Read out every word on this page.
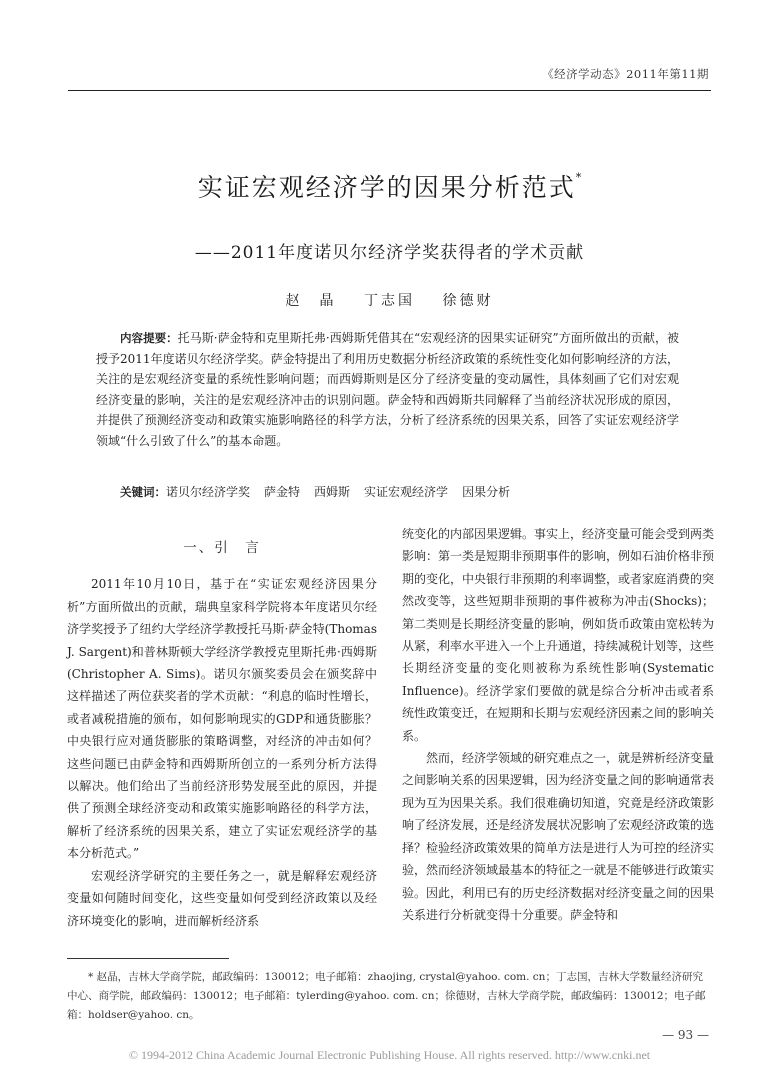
《经济学动态》2011年第11期
实证宏观经济学的因果分析范式*
——2011年度诺贝尔经济学奖获得者的学术贡献
赵　晶 丁志国 徐德财
内容提要：托马斯·萨金特和克里斯托弗·西姆斯凭借其在“宏观经济的因果实证研究”方面所做出的贡献，被授予2011年度诺贝尔经济学奖。萨金特提出了利用历史数据分析经济政策的系统性变化如何影响经济的方法，关注的是宏观经济变量的系统性影响问题；而西姆斯则是区分了经济变量的变动属性，具体刻画了它们对宏观经济变量的影响，关注的是宏观经济冲击的识别问题。萨金特和西姆斯共同解释了当前经济状况形成的原因，并提供了预测经济变动和政策实施影响路径的科学方法，分析了经济系统的因果关系，回答了实证宏观经济学领域“什么引致了什么”的基本命题。
关键词：诺贝尔经济学奖 萨金特 西姆斯 实证宏观经济学 因果分析
一、引　言

2011年10月10日，基于在“实证宏观经济因果分析”方面所做出的贡献，瑞典皇家科学院将本年度诺贝尔经济学奖授予了纽约大学经济学教授托马斯·萨金特(Thomas J. Sargent)和普林斯顿大学经济学教授克里斯托弗·西姆斯(Christopher A. Sims)。诺贝尔颁奖委员会在颁奖辞中这样描述了两位获奖者的学术贡献：“利息的临时性增长，或者减税措施的颁布，如何影响现实的GDP和通货膨胀？中央银行应对通货膨胀的策略调整，对经济的冲击如何？这些问题已由萨金特和西姆斯所创立的一系列分析方法得以解决。他们给出了当前经济形势发展至此的原因，并提供了预测全球经济变动和政策实施影响路径的科学方法，解析了经济系统的因果关系，建立了实证宏观经济学的基本分析范式。”

宏观经济学研究的主要任务之一，就是解释宏观经济变量如何随时间变化，这些变量如何受到经济政策以及经济环境变化的影响，进而解析经济系

统变化的内部因果逻辑。事实上，经济变量可能会受到两类影响：第一类是短期非预期事件的影响，例如石油价格非预期的变化，中央银行非预期的利率调整，或者家庭消费的突然改变等，这些短期非预期的事件被称为冲击(Shocks)；第二类则是长期经济变量的影响，例如货币政策由宽松转为从紧，利率水平进入一个上升通道，持续减税计划等，这些长期经济变量的变化则被称为系统性影响(Systematic Influence)。经济学家们要做的就是综合分析冲击或者系统性政策变迁，在短期和长期与宏观经济因素之间的影响关系。

然而，经济学领域的研究难点之一，就是辨析经济变量之间影响关系的因果逻辑，因为经济变量之间的影响通常表现为互为因果关系。我们很难确切知道，究竟是经济政策影响了经济发展，还是经济发展状况影响了宏观经济政策的选择？检验经济政策效果的简单方法是进行人为可控的经济实验，然而经济领域最基本的特征之一就是不能够进行政策实验。因此，利用已有的历史经济数据对经济变量之间的因果关系进行分析就变得十分重要。萨金特和

* 赵晶，吉林大学商学院，邮政编码：130012；电子邮箱：zhaojing, crystal@yahoo. com. cn；丁志国，吉林大学数量经济研究中心、商学院，邮政编码：130012；电子邮箱：tylerding@yahoo. com. cn；徐德财，吉林大学商学院，邮政编码：130012；电子邮箱：holdser@yahoo. cn。
— 93 —
© 1994-2012 China Academic Journal Electronic Publishing House. All rights reserved. http://www.cnki.net
